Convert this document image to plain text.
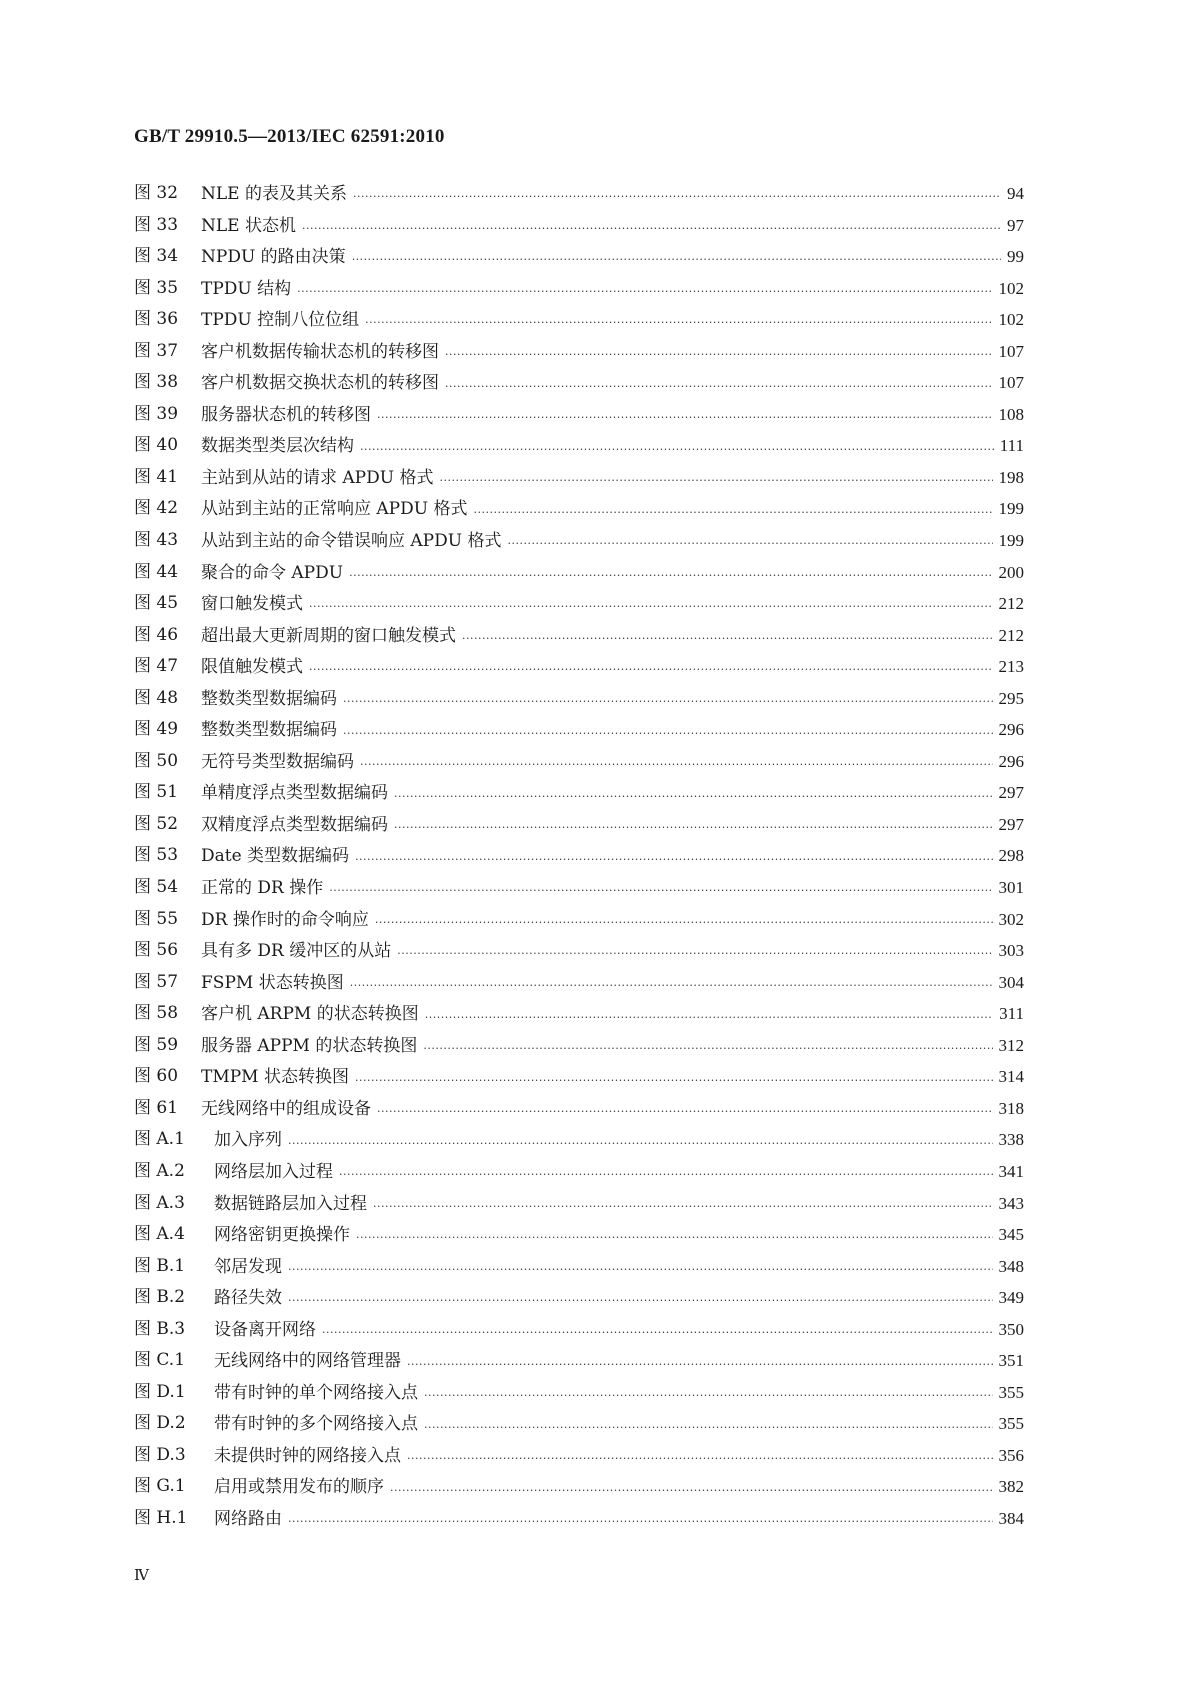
GB/T 29910.5—2013/IEC 62591:2010
图 32 NLE 的表及其关系 ·····	94
图 33 NLE 状态机 ·····	97
图 34 NPDU 的路由决策 ·····	99
图 35 TPDU 结构 ·····	102
图 36 TPDU 控制八位位组 ·····	102
图 37 客户机数据传输状态机的转移图 ·····	107
图 38 客户机数据交换状态机的转移图 ·····	107
图 39 服务器状态机的转移图 ·····	108
图 40 数据类型类层次结构 ·····	111
图 41 主站到从站的请求 APDU 格式 ·····	198
图 42 从站到主站的正常响应 APDU 格式 ·····	199
图 43 从站到主站的命令错误响应 APDU 格式 ·····	199
图 44 聚合的命令 APDU ·····	200
图 45 窗口触发模式 ·····	212
图 46 超出最大更新周期的窗口触发模式 ·····	212
图 47 限值触发模式 ·····	213
图 48 整数类型数据编码 ·····	295
图 49 整数类型数据编码 ·····	296
图 50 无符号类型数据编码 ·····	296
图 51 单精度浮点类型数据编码 ·····	297
图 52 双精度浮点类型数据编码 ·····	297
图 53 Date 类型数据编码 ·····	298
图 54 正常的 DR 操作 ·····	301
图 55 DR 操作时的命令响应 ·····	302
图 56 具有多 DR 缓冲区的从站 ·····	303
图 57 FSPM 状态转换图 ·····	304
图 58 客户机 ARPM 的状态转换图 ·····	311
图 59 服务器 APPM 的状态转换图 ·····	312
图 60 TMPM 状态转换图 ·····	314
图 61 无线网络中的组成设备 ·····	318
图 A.1 加入序列 ·····	338
图 A.2 网络层加入过程 ·····	341
图 A.3 数据链路层加入过程 ·····	343
图 A.4 网络密钥更换操作 ·····	345
图 B.1 邻居发现 ·····	348
图 B.2 路径失效 ·····	349
图 B.3 设备离开网络 ·····	350
图 C.1 无线网络中的网络管理器 ·····	351
图 D.1 带有时钟的单个网络接入点 ·····	355
图 D.2 带有时钟的多个网络接入点 ·····	355
图 D.3 未提供时钟的网络接入点 ·····	356
图 G.1 启用或禁用发布的顺序 ·····	382
图 H.1 网络路由 ·····	384
Ⅳ
